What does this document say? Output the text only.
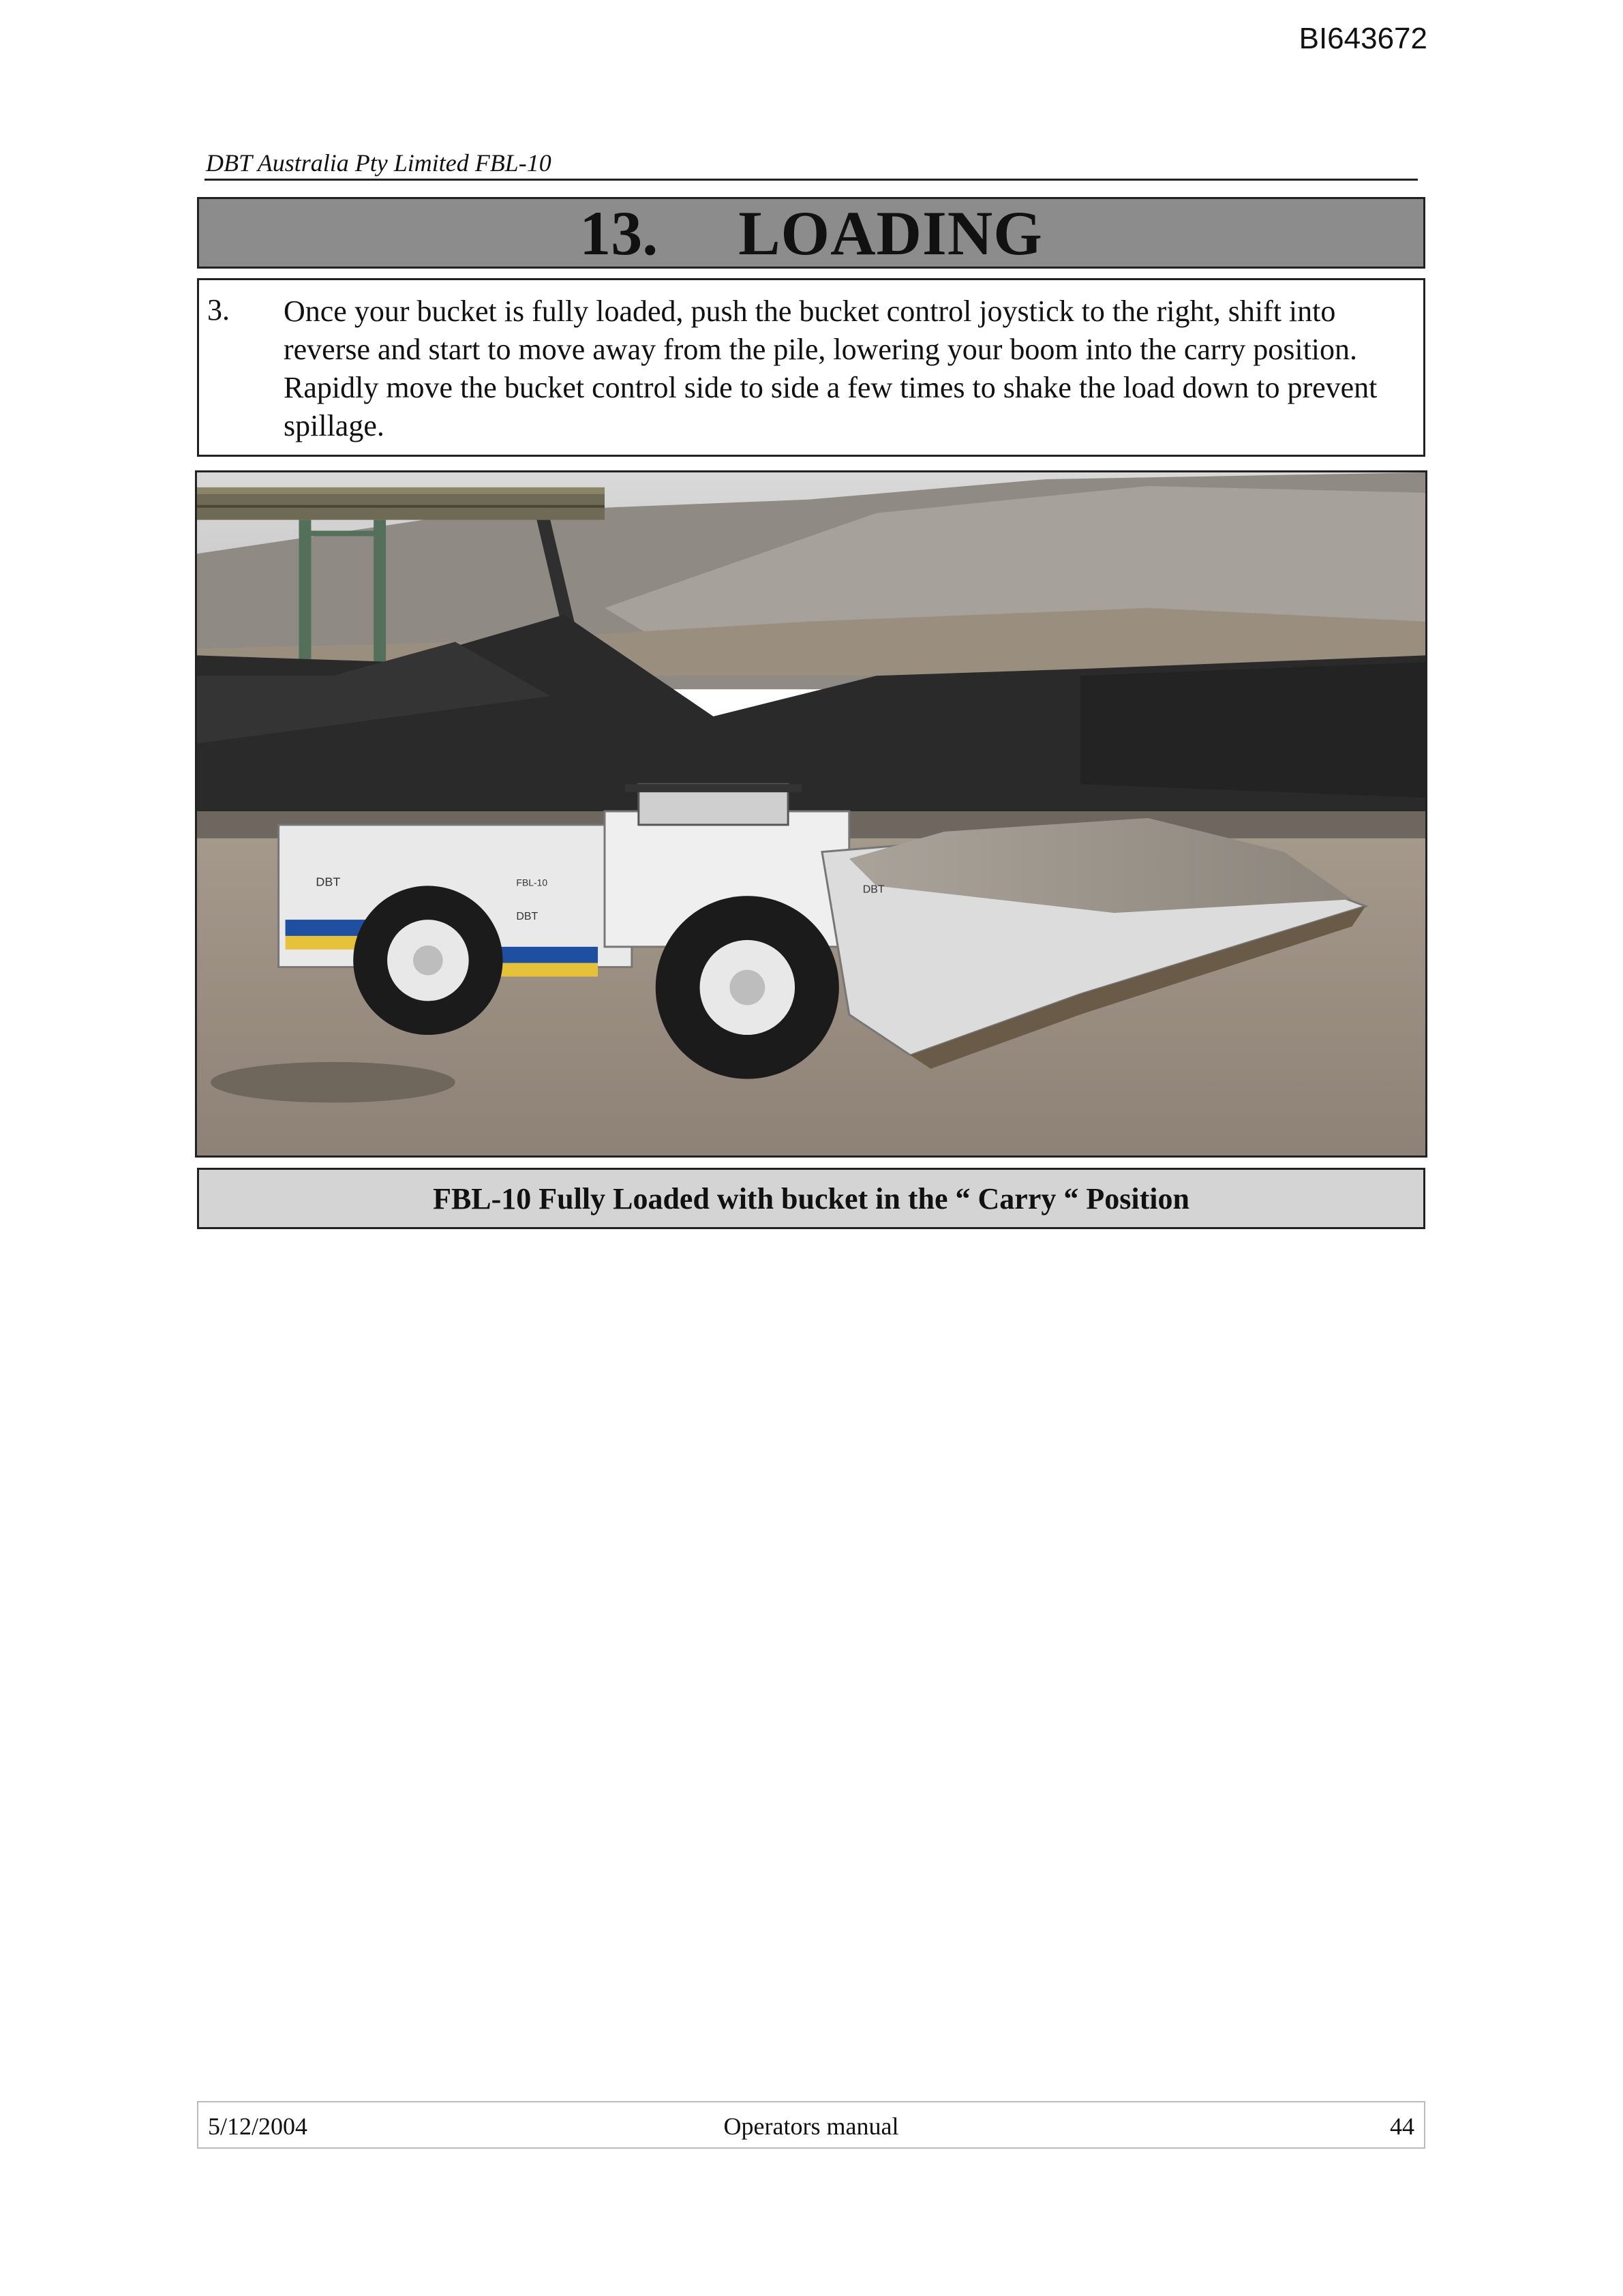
BI643672
DBT Australia Pty Limited FBL-10
13. LOADING
3. Once your bucket is fully loaded, push the bucket control joystick to the right, shift into reverse and start to move away from the pile, lowering your boom into the carry position. Rapidly move the bucket control side to side a few times to shake the load down to prevent spillage.
DBT	FBL-10
DBT
DBT
FBL-10 Fully Loaded with bucket in the “ Carry “ Position
5/12/2004	Operators manual	44
